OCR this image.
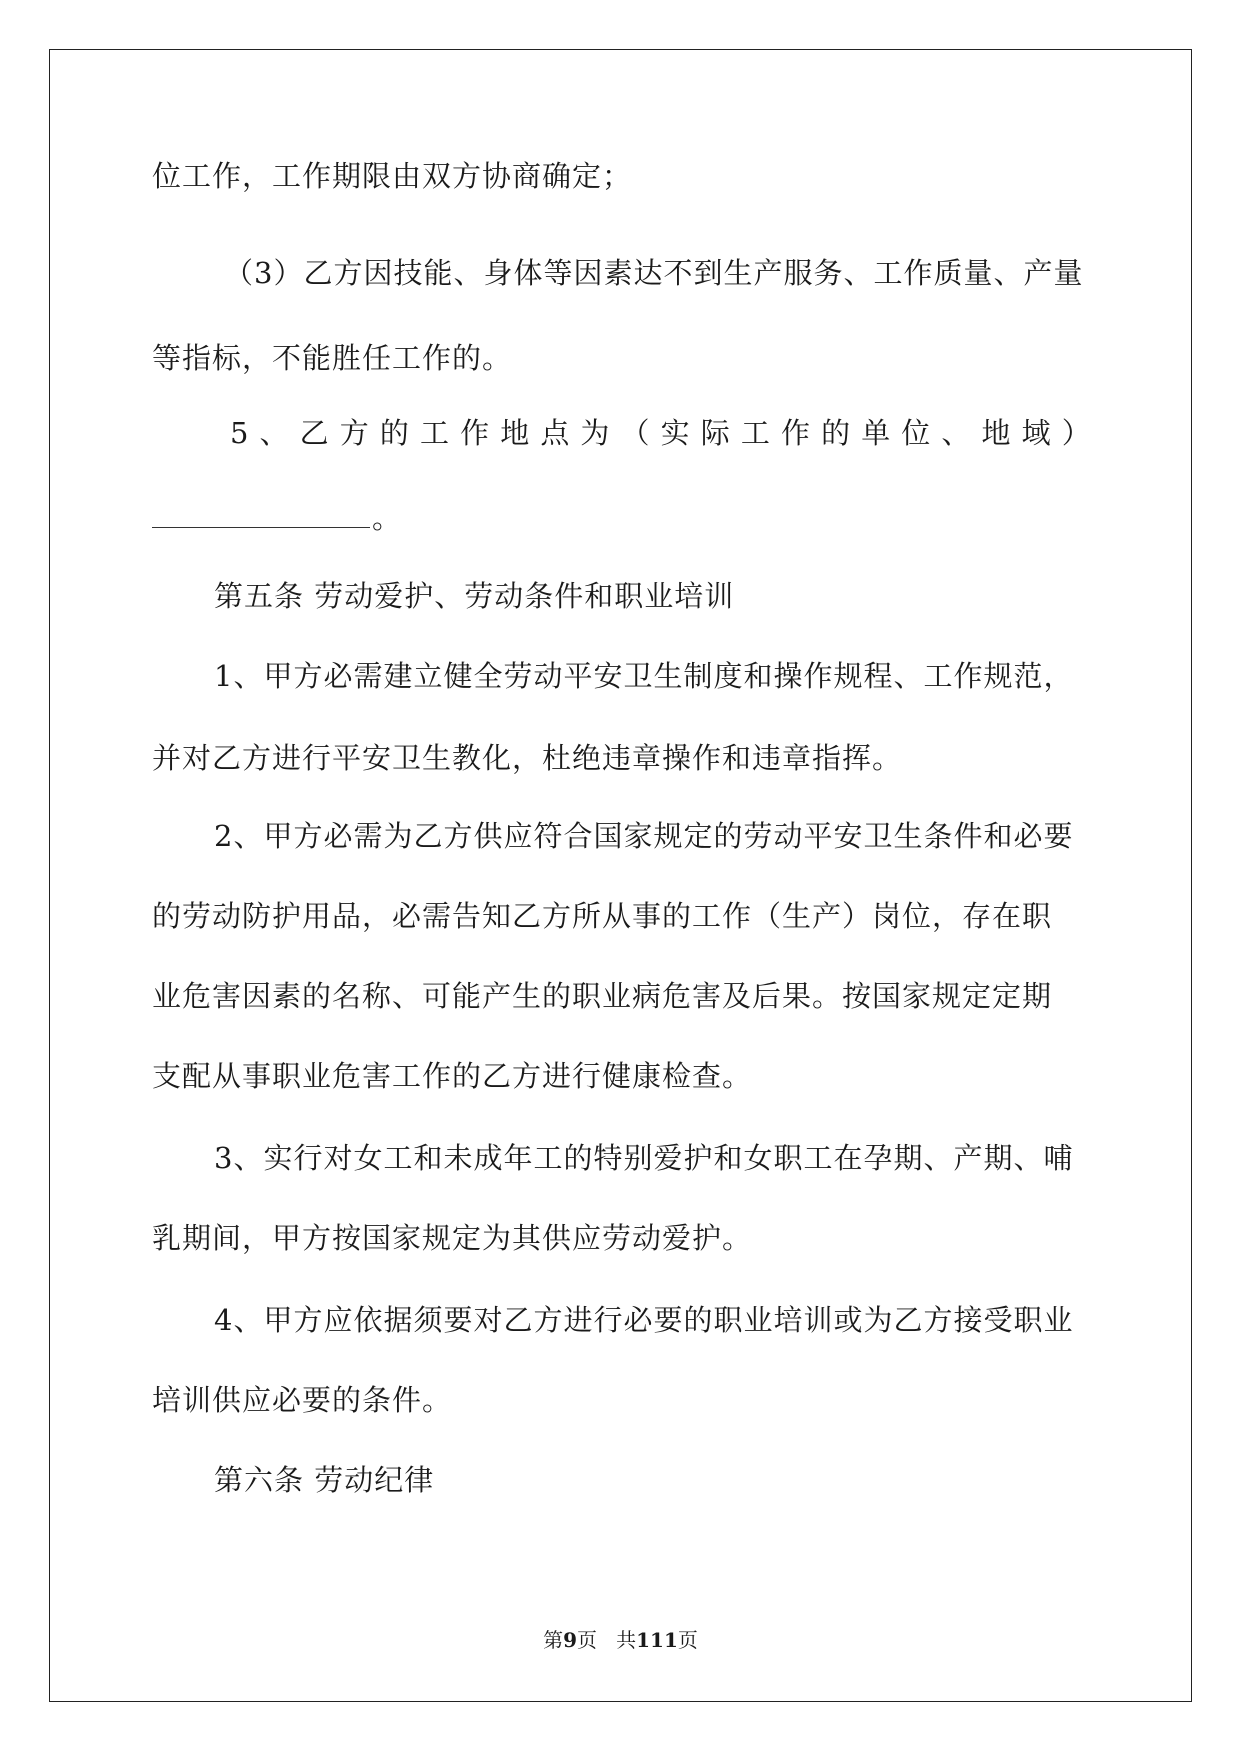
位工作，工作期限由双方协商确定；
（3）乙方因技能、身体等因素达不到生产服务、工作质量、产量
等指标，不能胜任工作的。
5 、 乙 方 的 工 作 地 点 为 （ 实 际 工 作 的 单 位 、 地 域 ）
。
第五条 劳动爱护、劳动条件和职业培训
1、甲方必需建立健全劳动平安卫生制度和操作规程、工作规范，
并对乙方进行平安卫生教化，杜绝违章操作和违章指挥。
2、甲方必需为乙方供应符合国家规定的劳动平安卫生条件和必要
的劳动防护用品，必需告知乙方所从事的工作（生产）岗位，存在职
业危害因素的名称、可能产生的职业病危害及后果。按国家规定定期
支配从事职业危害工作的乙方进行健康检查。
3、实行对女工和未成年工的特别爱护和女职工在孕期、产期、哺
乳期间，甲方按国家规定为其供应劳动爱护。
4、甲方应依据须要对乙方进行必要的职业培训或为乙方接受职业
培训供应必要的条件。
第六条 劳动纪律
第9页   共111页
